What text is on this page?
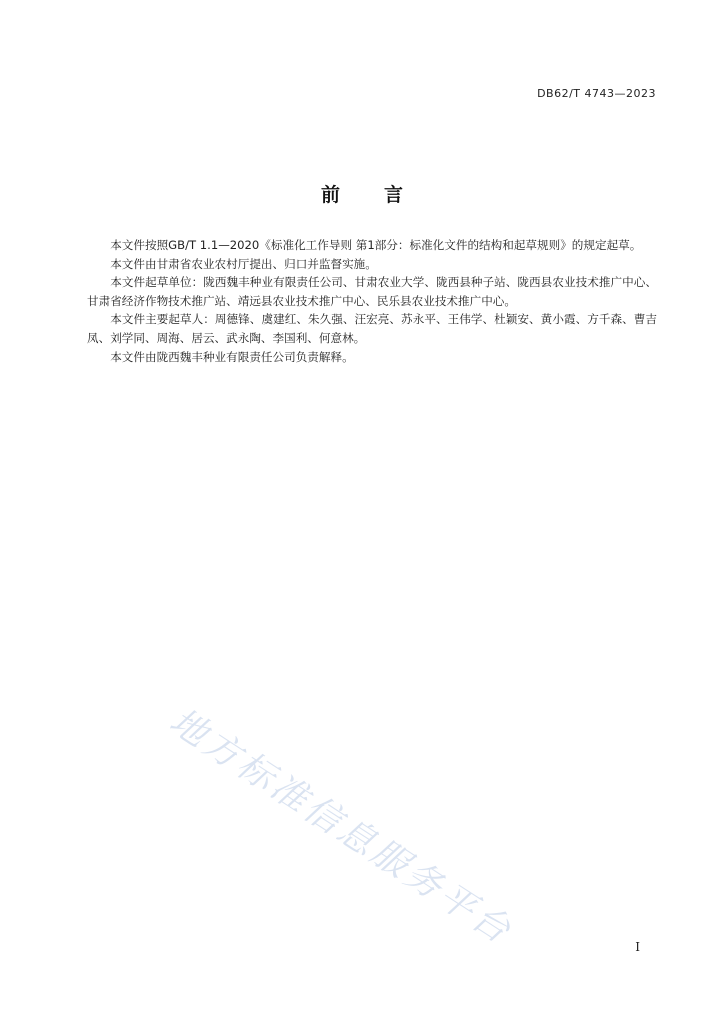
DB62/T 4743—2023
前言

本文件按照GB/T 1.1—2020《标准化工作导则 第1部分：标准化文件的结构和起草规则》的规定起草。

本文件由甘肃省农业农村厅提出、归口并监督实施。

本文件起草单位：陇西魏丰种业有限责任公司、甘肃农业大学、陇西县种子站、陇西县农业技术推广中心、甘肃省经济作物技术推广站、靖远县农业技术推广中心、民乐县农业技术推广中心。

本文件主要起草人：周德锋、虞建红、朱久强、汪宏亮、苏永平、王伟学、杜颖安、黄小霞、方千森、曹吉凤、刘学同、周海、居云、武永陶、李国利、何意林。

本文件由陇西魏丰种业有限责任公司负责解释。

地方标准信息服务平台	I
